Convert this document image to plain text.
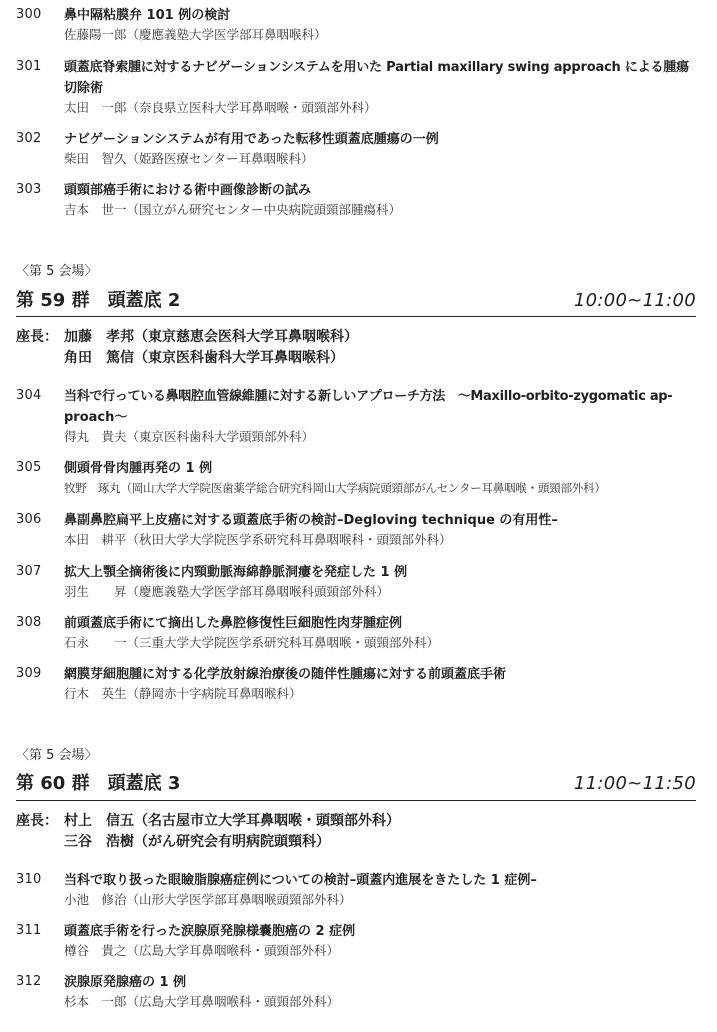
300 鼻中隔粘膜弁 101 例の検討
佐藤陽一郎（慶應義塾大学医学部耳鼻咽喉科）
301 頭蓋底脊索腫に対するナビゲーションシステムを用いた Partial maxillary swing approach による腫瘍
切除術
太田　一郎（奈良県立医科大学耳鼻咽喉・頭頸部外科）
302 ナビゲーションシステムが有用であった転移性頭蓋底腫瘍の一例
柴田　智久（姫路医療センター耳鼻咽喉科）
303 頭頸部癌手術における術中画像診断の試み
吉本　世一（国立がん研究センター中央病院頭頸部腫瘍科）
〈第 5 会場〉
第 59 群　頭蓋底 2	10:00~11:00
座長： 加藤　孝邦（東京慈恵会医科大学耳鼻咽喉科）
角田　篤信（東京医科歯科大学耳鼻咽喉科）
304 当科で行っている鼻咽腔血管線維腫に対する新しいアプローチ方法　～Maxillo-orbito-zygomatic ap-
proach～
得丸　貴夫（東京医科歯科大学頭頸部外科）
305 側頭骨骨肉腫再発の 1 例
牧野　琢丸（岡山大学大学院医歯薬学総合研究科岡山大学病院頭頸部がんセンター耳鼻咽喉・頭頸部外科）
306 鼻副鼻腔扁平上皮癌に対する頭蓋底手術の検討–Degloving technique の有用性–
本田　耕平（秋田大学大学院医学系研究科耳鼻咽喉科・頭頸部外科）
307 拡大上顎全摘術後に内頸動脈海綿静脈洞瘻を発症した 1 例
羽生　　昇（慶應義塾大学医学部耳鼻咽喉科頭頸部外科）
308 前頭蓋底手術にて摘出した鼻腔修復性巨細胞性肉芽腫症例
石永　　一（三重大学大学院医学系研究科耳鼻咽喉・頭頸部外科）
309 網膜芽細胞腫に対する化学放射線治療後の随伴性腫瘍に対する前頭蓋底手術
行木　英生（静岡赤十字病院耳鼻咽喉科）
〈第 5 会場〉
第 60 群　頭蓋底 3	11:00~11:50
座長： 村上　信五（名古屋市立大学耳鼻咽喉・頭頸部外科）
三谷　浩樹（がん研究会有明病院頭頸科）
310 当科で取り扱った眼瞼脂腺癌症例についての検討–頭蓋内進展をきたした 1 症例–
小池　修治（山形大学医学部耳鼻咽喉頭頸部外科）
311 頭蓋底手術を行った涙腺原発腺様嚢胞癌の 2 症例
樽谷　貴之（広島大学耳鼻咽喉科・頭頸部外科）
312 涙腺原発腺癌の 1 例
杉本　一郎（広島大学耳鼻咽喉科・頭頸部外科）
